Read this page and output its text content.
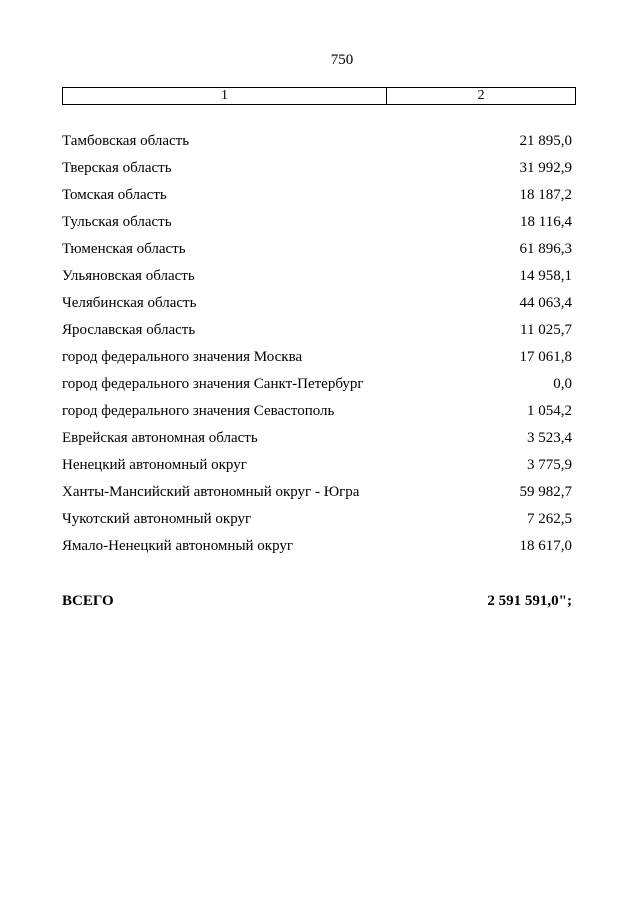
750
1	2
Тамбовская область	21 895,0
Тверская область	31 992,9
Томская область	18 187,2
Тульская область	18 116,4
Тюменская область	61 896,3
Ульяновская область	14 958,1
Челябинская область	44 063,4
Ярославская область	11 025,7
город федерального значения Москва	17 061,8
город федерального значения Санкт-Петербург	0,0
город федерального значения Севастополь	1 054,2
Еврейская автономная область	3 523,4
Ненецкий автономный округ	3 775,9
Ханты-Мансийский автономный округ - Югра	59 982,7
Чукотский автономный округ	7 262,5
Ямало-Ненецкий автономный округ	18 617,0
ВСЕГО	2 591 591,0";
